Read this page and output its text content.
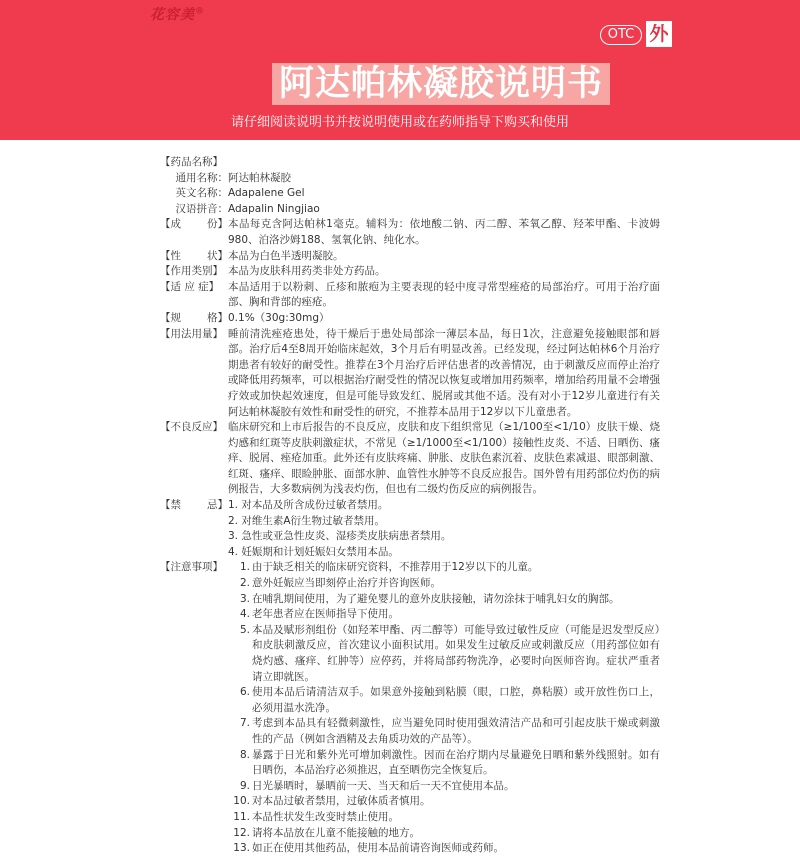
花容美®
OTC 外
阿达帕林凝胶说明书
请仔细阅读说明书并按说明使用或在药师指导下购买和使用
【药品名称】
通用名称： 阿达帕林凝胶
英文名称： Adapalene Gel
汉语拼音： Adapalin Ningjiao
【成 份】 本品每克含阿达帕林1毫克。辅料为：依地酸二钠、丙二醇、苯氧乙醇、羟苯甲酯、卡波姆980、泊洛沙姆188、氢氧化钠、纯化水。
【性 状】 本品为白色半透明凝胶。
【作用类别】 本品为皮肤科用药类非处方药品。
【适 应 症】 本品适用于以粉刺、丘疹和脓疱为主要表现的轻中度寻常型痤疮的局部治疗。可用于治疗面部、胸和背部的痤疮。
【规 格】 0.1%（30g:30mg）
【用法用量】 睡前清洗痤疮患处，待干燥后于患处局部涂一薄层本品，每日1次，注意避免接触眼部和唇部。治疗后4至8周开始临床起效，3个月后有明显改善。已经发现，经过阿达帕林6个月治疗期患者有较好的耐受性。推荐在3个月治疗后评估患者的改善情况，由于刺激反应而停止治疗或降低用药频率，可以根据治疗耐受性的情况以恢复或增加用药频率，增加给药用量不会增强疗效或加快起效速度，但是可能导致发红、脱屑或其他不适。没有对小于12岁儿童进行有关阿达帕林凝胶有效性和耐受性的研究，不推荐本品用于12岁以下儿童患者。
【不良反应】 临床研究和上市后报告的不良反应，皮肤和皮下组织常见（≥1/100至<1/10）皮肤干燥、烧灼感和红斑等皮肤刺激症状，不常见（≥1/1000至<1/100）接触性皮炎、不适、日晒伤、瘙痒、脱屑、痤疮加重。此外还有皮肤疼痛、肿胀、皮肤色素沉着、皮肤色素减退、眼部刺激、红斑、瘙痒、眼睑肿胀、面部水肿、血管性水肿等不良反应报告。国外曾有用药部位灼伤的病例报告，大多数病例为浅表灼伤，但也有二级灼伤反应的病例报告。
【禁 忌】 1. 对本品及所含成份过敏者禁用。
2. 对维生素A衍生物过敏者禁用。
3. 急性或亚急性皮炎、湿疹类皮肤病患者禁用。
4. 妊娠期和计划妊娠妇女禁用本品。
【注意事项】	1. 由于缺乏相关的临床研究资料，不推荐用于12岁以下的儿童。
2. 意外妊娠应当即刻停止治疗并咨询医师。
3. 在哺乳期间使用，为了避免婴儿的意外皮肤接触，请勿涂抹于哺乳妇女的胸部。
4. 老年患者应在医师指导下使用。
5. 本品及赋形剂组份（如羟苯甲酯、丙二醇等）可能导致过敏性反应（可能是迟发型反应）和皮肤刺激反应，首次建议小面积试用。如果发生过敏反应或刺激反应（用药部位如有烧灼感、瘙痒、红肿等）应停药，并将局部药物洗净，必要时向医师咨询。症状严重者请立即就医。
6. 使用本品后请清洁双手。如果意外接触到粘膜（眼，口腔，鼻粘膜）或开放性伤口上，必须用温水洗净。
7. 考虑到本品具有轻微刺激性，应当避免同时使用强效清洁产品和可引起皮肤干燥或刺激性的产品（例如含酒精及去角质功效的产品等）。
8. 暴露于日光和紫外光可增加刺激性。因而在治疗期内尽量避免日晒和紫外线照射。如有日晒伤，本品治疗必须推迟，直至晒伤完全恢复后。
9. 日光暴晒时，暴晒前一天、当天和后一天不宜使用本品。
10. 对本品过敏者禁用，过敏体质者慎用。
11. 本品性状发生改变时禁止使用。
12. 请将本品放在儿童不能接触的地方。
13. 如正在使用其他药品，使用本品前请咨询医师或药师。
